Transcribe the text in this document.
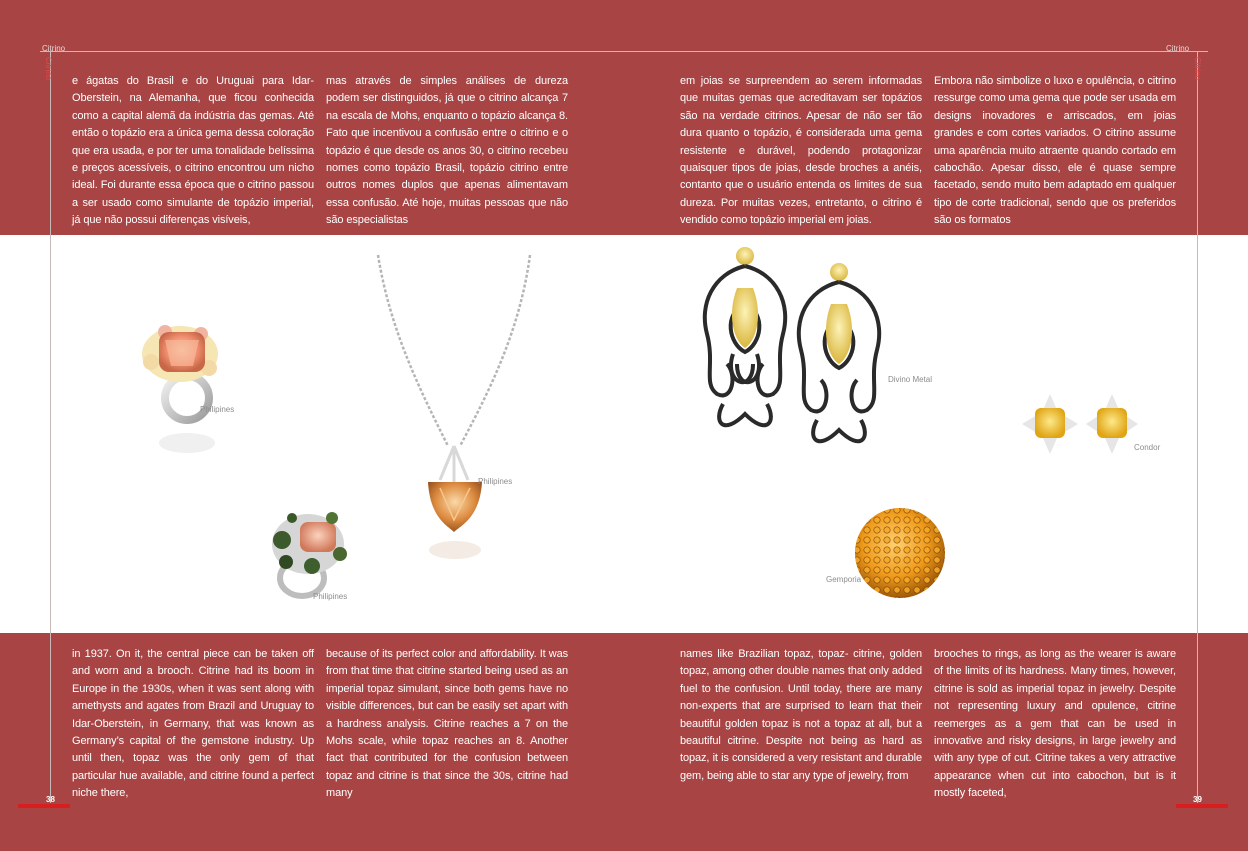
Citrino	Citrino
Citrino	Citrino
e ágatas do Brasil e do Uruguai para Idar-Oberstein, na Alemanha, que ficou conhecida como a capital alemã da indústria das gemas. Até então o topázio era a única gema dessa coloração que era usada, e por ter uma tonalidade belíssima e preços acessíveis, o citrino encontrou um nicho ideal. Foi durante essa época que o citrino passou a ser usado como simulante de topázio imperial, já que não possui diferenças visíveis,
mas através de simples análises de dureza podem ser distinguidos, já que o citrino alcança 7 na escala de Mohs, enquanto o topázio alcança 8. Fato que incentivou a confusão entre o citrino e o topázio é que desde os anos 30, o citrino recebeu nomes como topázio Brasil, topázio citrino entre outros nomes duplos que apenas alimentavam essa confusão. Até hoje, muitas pessoas que não são especialistas
em joias se surpreendem ao serem informadas que muitas gemas que acreditavam ser topázios são na verdade citrinos. Apesar de não ser tão dura quanto o topázio, é considerada uma gema resistente e durável, podendo protagonizar quaisquer tipos de joias, desde broches a anéis, contanto que o usuário entenda os limites de sua dureza. Por muitas vezes, entretanto, o citrino é vendido como topázio imperial em joias.
Embora não simbolize o luxo e opulência, o citrino ressurge como uma gema que pode ser usada em designs inovadores e arriscados, em joias grandes e com cortes variados. O citrino assume uma aparência muito atraente quando cortado em cabochão. Apesar disso, ele é quase sempre facetado, sendo muito bem adaptado em qualquer tipo de corte tradicional, sendo que os preferidos são os formatos
in 1937. On it, the central piece can be taken off and worn and a brooch. Citrine had its boom in Europe in the 1930s, when it was sent along with amethysts and agates from Brazil and Uruguay to Idar-Oberstein, in Germany, that was known as Germany’s capital of the gemstone industry. Up until then, topaz was the only gem of that particular hue available, and citrine found a perfect niche there,
because of its perfect color and affordability. It was from that time that citrine started being used as an imperial topaz simulant, since both gems have no visible differences, but can be easily set apart with a hardness analysis. Citrine reaches a 7 on the Mohs scale, while topaz reaches an 8. Another fact that contributed for the confusion between topaz and citrine is that since the 30s, citrine had many
names like Brazilian topaz, topaz- citrine, golden topaz, among other double names that only added fuel to the confusion. Until today, there are many non-experts that are surprised to learn that their beautiful golden topaz is not a topaz at all, but a beautiful citrine. Despite not being as hard as topaz, it is considered a very resistant and durable gem, being able to star any type of jewelry, from
brooches to rings, as long as the wearer is aware of the limits of its hardness. Many times, however, citrine is sold as imperial topaz in jewelry. Despite not representing luxury and opulence, citrine reemerges as a gem that can be used in innovative and risky designs, in large jewelry and with any type of cut. Citrine takes a very attractive appearance when cut into cabochon, but is it mostly faceted,
Philipines
Philipines
Philipines
Divino Metal
Condor
Gemporia
38	39
